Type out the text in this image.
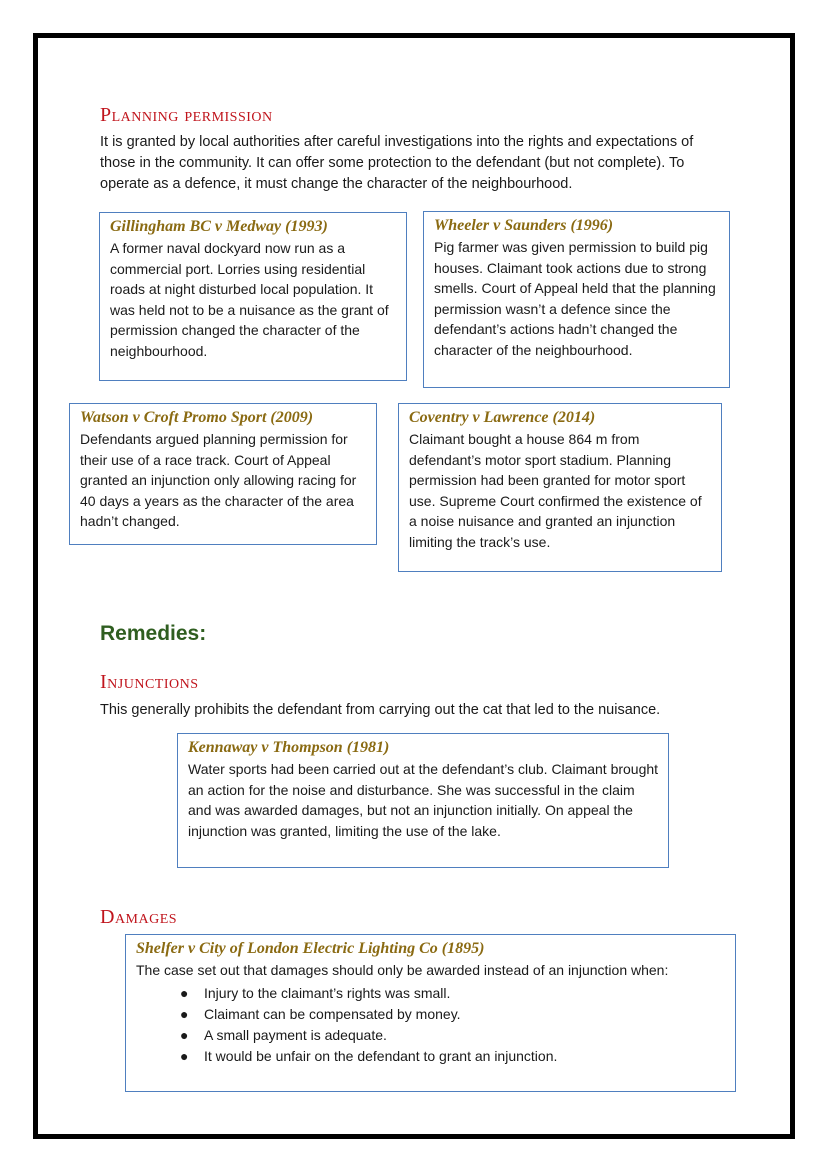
Planning permission

It is granted by local authorities after careful investigations into the rights and expectations of those in the community. It can offer some protection to the defendant (but not complete). To operate as a defence, it must change the character of the neighbourhood.

Gillingham BC v Medway (1993)

A former naval dockyard now run as a commercial port. Lorries using residential roads at night disturbed local population. It was held not to be a nuisance as the grant of permission changed the character of the neighbourhood.

Wheeler v Saunders (1996)

Pig farmer was given permission to build pig houses. Claimant took actions due to strong smells. Court of Appeal held that the planning permission wasn’t a defence since the defendant’s actions hadn’t changed the character of the neighbourhood.

Watson v Croft Promo Sport (2009)

Defendants argued planning permission for their use of a race track. Court of Appeal granted an injunction only allowing racing for 40 days a years as the character of the area hadn’t changed.

Coventry v Lawrence (2014)

Claimant bought a house 864 m from defendant’s motor sport stadium. Planning permission had been granted for motor sport use. Supreme Court confirmed the existence of a noise nuisance and granted an injunction limiting the track’s use.

Remedies:
Injunctions

This generally prohibits the defendant from carrying out the cat that led to the nuisance.

Kennaway v Thompson (1981)

Water sports had been carried out at the defendant’s club. Claimant brought an action for the noise and disturbance. She was successful in the claim and was awarded damages, but not an injunction initially. On appeal the injunction was granted, limiting the use of the lake.

Damages

Shelfer v City of London Electric Lighting Co (1895)

The case set out that damages should only be awarded instead of an injunction when:

● Injury to the claimant’s rights was small.
● Claimant can be compensated by money.
● A small payment is adequate.
● It would be unfair on the defendant to grant an injunction.
